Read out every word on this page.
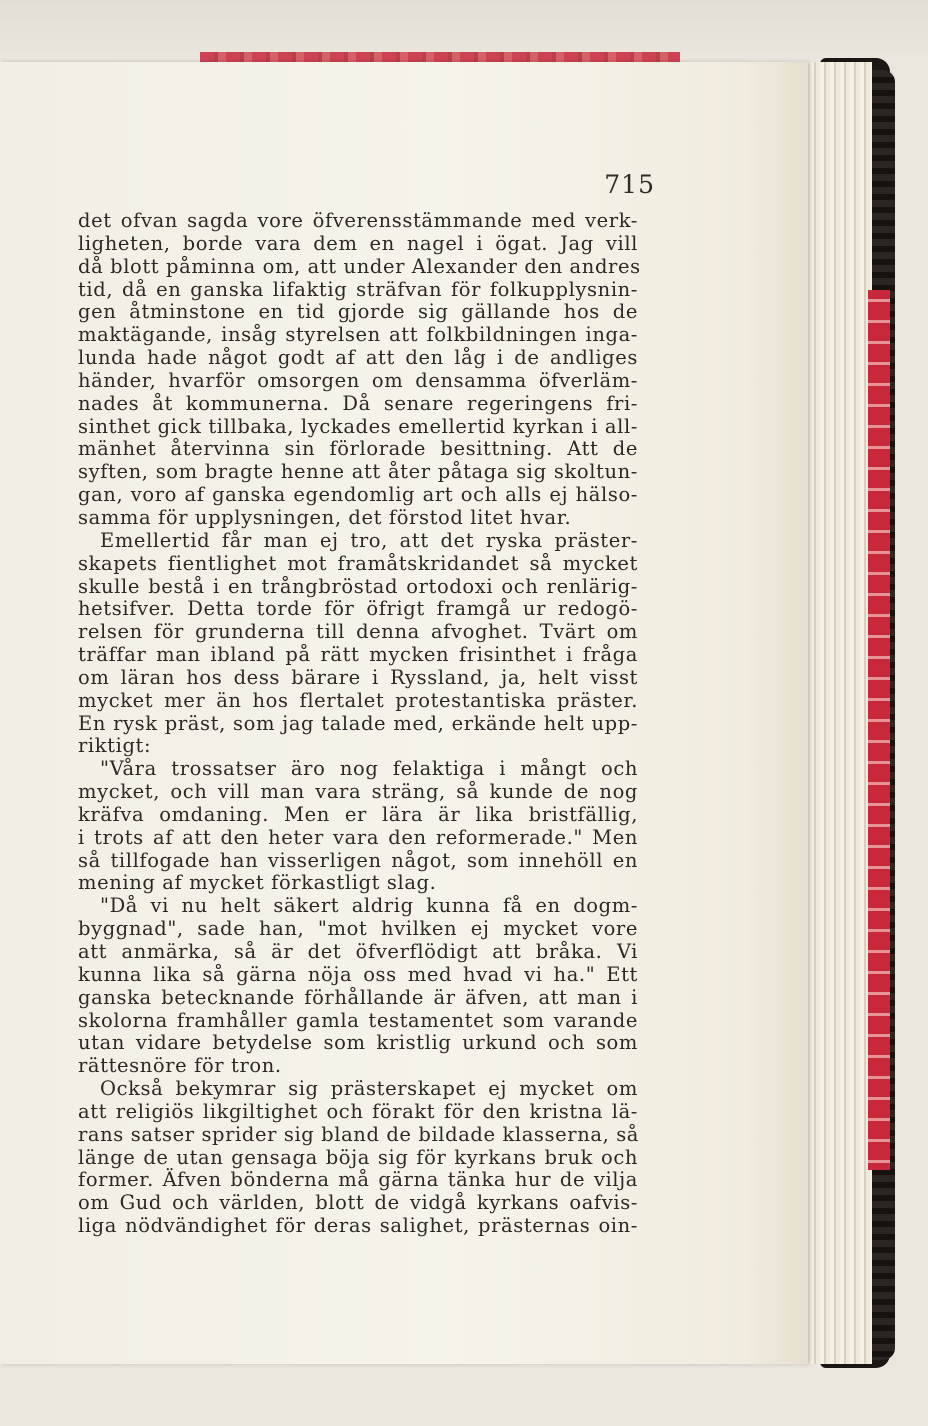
715
det ofvan sagda vore öfverensstämmande med verk-
ligheten, borde vara dem en nagel i ögat. Jag vill
då blott påminna om, att under Alexander den andres
tid, då en ganska lifaktig sträfvan för folkupplysnin-
gen åtminstone en tid gjorde sig gällande hos de
maktägande, insåg styrelsen att folkbildningen inga-
lunda hade något godt af att den låg i de andliges
händer, hvarför omsorgen om densamma öfverläm-
nades åt kommunerna. Då senare regeringens fri-
sinthet gick tillbaka, lyckades emellertid kyrkan i all-
mänhet återvinna sin förlorade besittning. Att de
syften, som bragte henne att åter påtaga sig skoltun-
gan, voro af ganska egendomlig art och alls ej hälso-
samma för upplysningen, det förstod litet hvar.
Emellertid får man ej tro, att det ryska präster-
skapets fientlighet mot framåtskridandet så mycket
skulle bestå i en trångbröstad ortodoxi och renlärig-
hetsifver. Detta torde för öfrigt framgå ur redogö-
relsen för grunderna till denna afvoghet. Tvärt om
träffar man ibland på rätt mycken frisinthet i fråga
om läran hos dess bärare i Ryssland, ja, helt visst
mycket mer än hos flertalet protestantiska präster.
En rysk präst, som jag talade med, erkände helt upp-
riktigt:
"Våra trossatser äro nog felaktiga i mångt och
mycket, och vill man vara sträng, så kunde de nog
kräfva omdaning. Men er lära är lika bristfällig,
i trots af att den heter vara den reformerade." Men
så tillfogade han visserligen något, som innehöll en
mening af mycket förkastligt slag.
"Då vi nu helt säkert aldrig kunna få en dogm-
byggnad", sade han, "mot hvilken ej mycket vore
att anmärka, så är det öfverflödigt att bråka. Vi
kunna lika så gärna nöja oss med hvad vi ha." Ett
ganska betecknande förhållande är äfven, att man i
skolorna framhåller gamla testamentet som varande
utan vidare betydelse som kristlig urkund och som
rättesnöre för tron.
Också bekymrar sig prästerskapet ej mycket om
att religiös likgiltighet och förakt för den kristna lä-
rans satser sprider sig bland de bildade klasserna, så
länge de utan gensaga böja sig för kyrkans bruk och
former. Äfven bönderna må gärna tänka hur de vilja
om Gud och världen, blott de vidgå kyrkans oafvis-
liga nödvändighet för deras salighet, prästernas oin-
